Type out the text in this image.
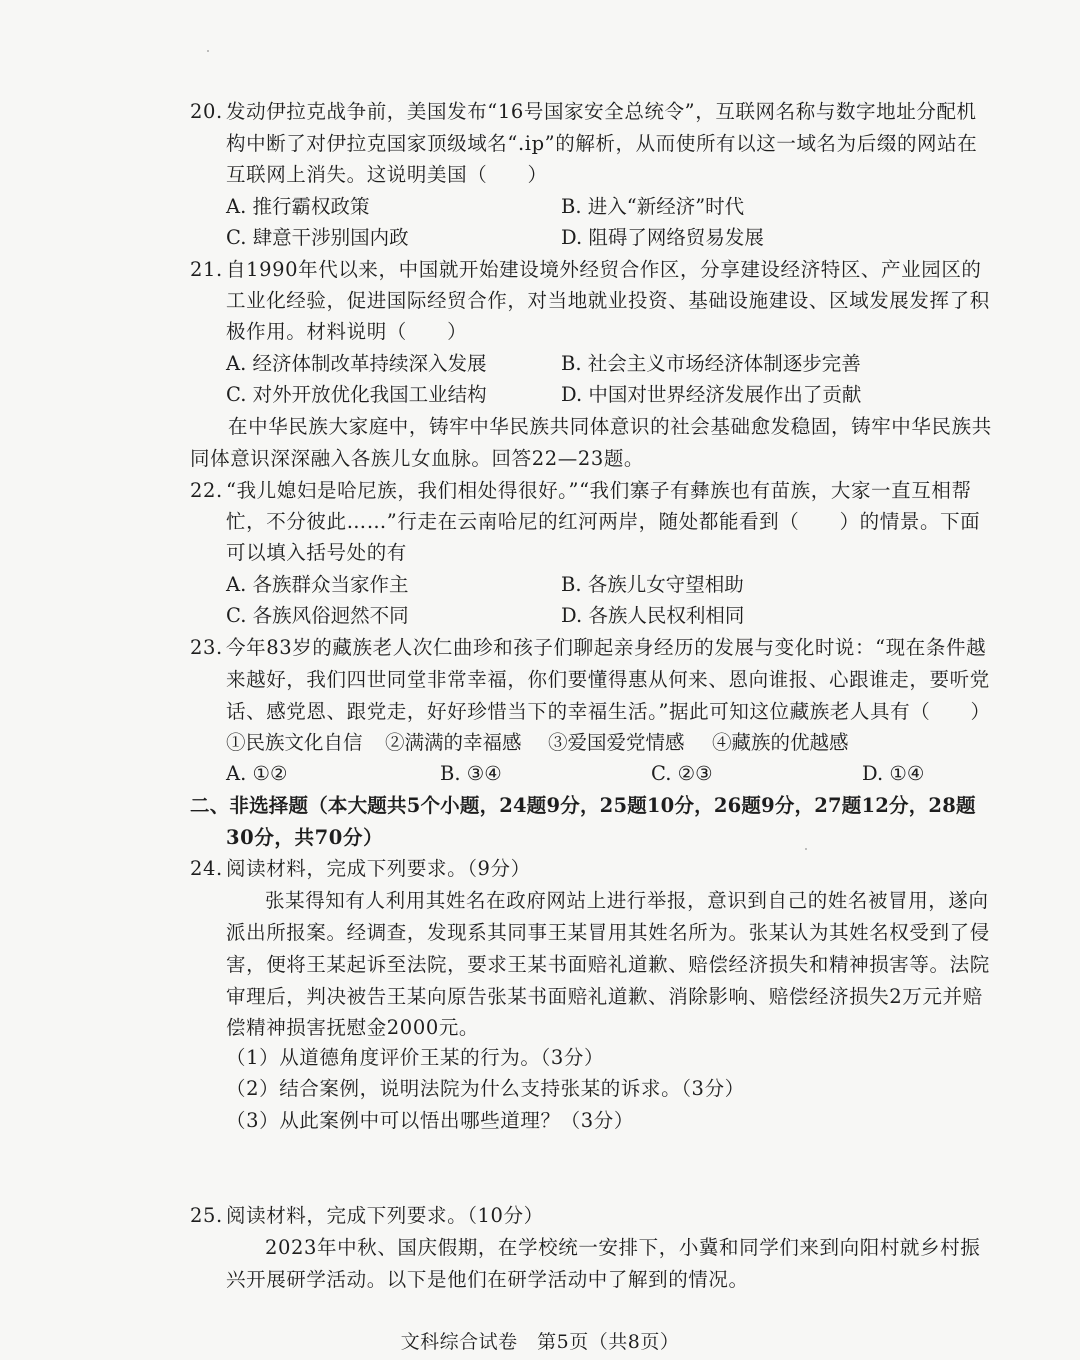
20. 发动伊拉克战争前，美国发布“16号国家安全总统令”，互联网名称与数字地址分配机
构中断了对伊拉克国家顶级域名“.ip”的解析，从而使所有以这一域名为后缀的网站在
互联网上消失。这说明美国（　　）
A. 推行霸权政策	B. 进入“新经济”时代
C. 肆意干涉别国内政	D. 阻碍了网络贸易发展
21. 自1990年代以来，中国就开始建设境外经贸合作区，分享建设经济特区、产业园区的
工业化经验，促进国际经贸合作，对当地就业投资、基础设施建设、区域发展发挥了积
极作用。材料说明（　　）
A. 经济体制改革持续深入发展	B. 社会主义市场经济体制逐步完善
C. 对外开放优化我国工业结构	D. 中国对世界经济发展作出了贡献
在中华民族大家庭中，铸牢中华民族共同体意识的社会基础愈发稳固，铸牢中华民族共
同体意识深深融入各族儿女血脉。回答22—23题。
22. “我儿媳妇是哈尼族，我们相处得很好。”“我们寨子有彝族也有苗族，大家一直互相帮
忙，不分彼此……”行走在云南哈尼的红河两岸，随处都能看到（　　）的情景。下面
可以填入括号处的有
A. 各族群众当家作主	B. 各族儿女守望相助
C. 各族风俗迥然不同	D. 各族人民权利相同
23. 今年83岁的藏族老人次仁曲珍和孩子们聊起亲身经历的发展与变化时说：“现在条件越
来越好，我们四世同堂非常幸福，你们要懂得惠从何来、恩向谁报、心跟谁走，要听党
话、感党恩、跟党走，好好珍惜当下的幸福生活。”据此可知这位藏族老人具有（　　）
①民族文化自信 ②满满的幸福感 ③爱国爱党情感 ④藏族的优越感
A. ①②	B. ③④	C. ②③	D. ①④
二、非选择题（本大题共5个小题，24题9分，25题10分，26题9分，27题12分，28题
30分，共70分）
24. 阅读材料，完成下列要求。（9分）
张某得知有人利用其姓名在政府网站上进行举报，意识到自己的姓名被冒用，遂向
派出所报案。经调查，发现系其同事王某冒用其姓名所为。张某认为其姓名权受到了侵
害，便将王某起诉至法院，要求王某书面赔礼道歉、赔偿经济损失和精神损害等。法院
审理后，判决被告王某向原告张某书面赔礼道歉、消除影响、赔偿经济损失2万元并赔
偿精神损害抚慰金2000元。
（1）从道德角度评价王某的行为。（3分）
（2）结合案例，说明法院为什么支持张某的诉求。（3分）
（3）从此案例中可以悟出哪些道理？（3分）
25. 阅读材料，完成下列要求。（10分）
2023年中秋、国庆假期，在学校统一安排下，小冀和同学们来到向阳村就乡村振
兴开展研学活动。以下是他们在研学活动中了解到的情况。
文科综合试卷　第5页（共8页）
